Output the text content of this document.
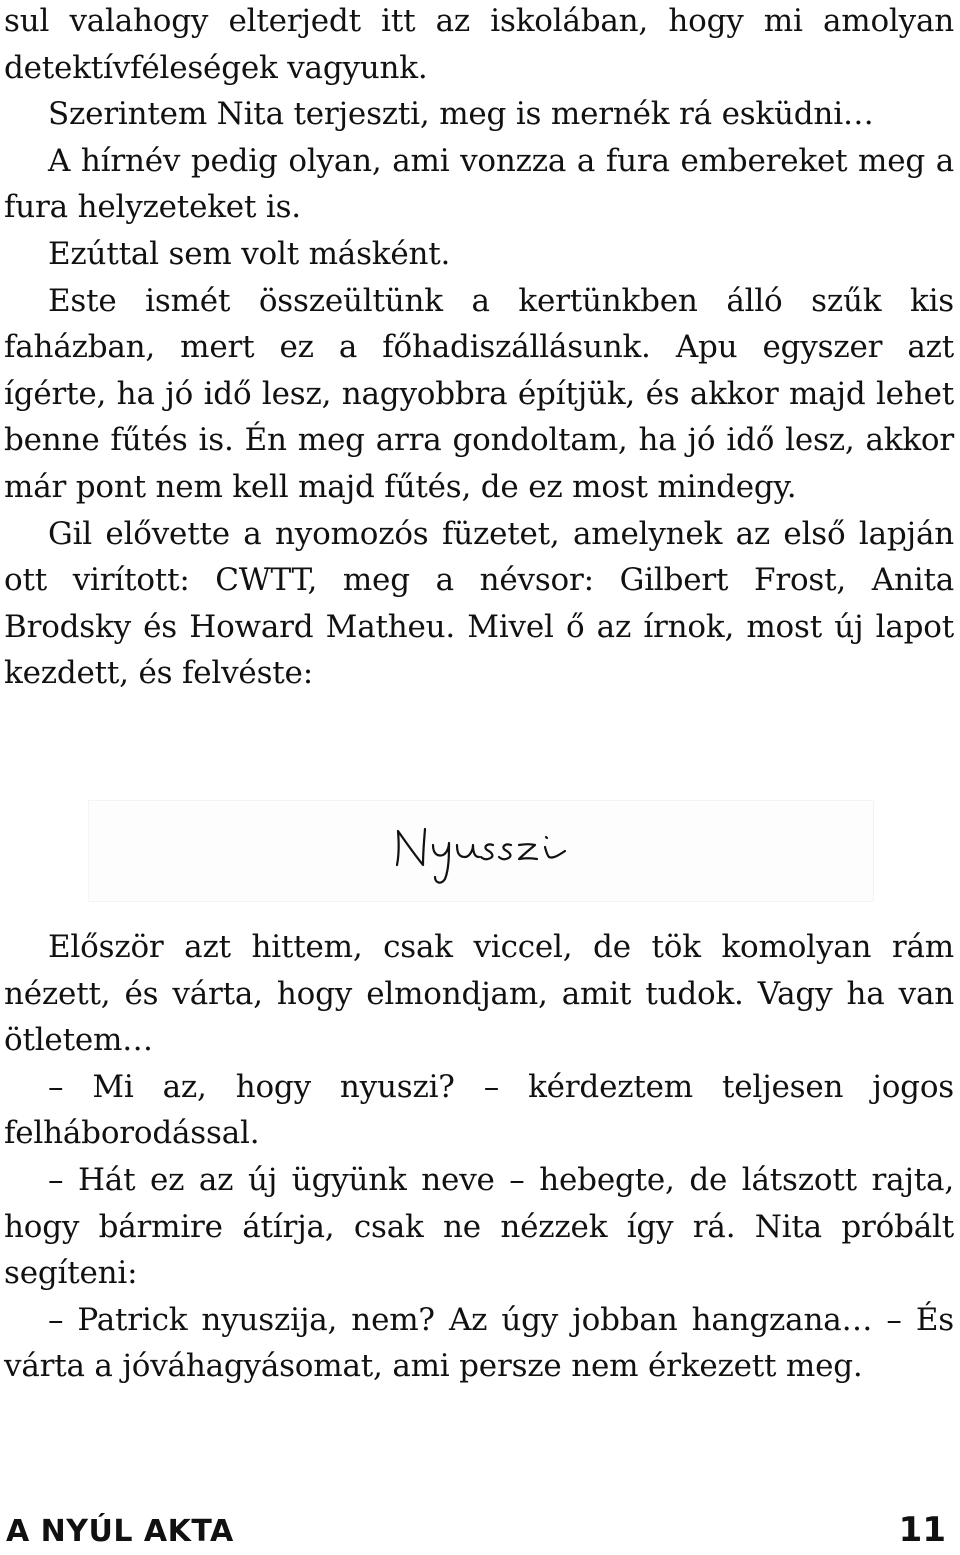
sul valahogy elterjedt itt az iskolában, hogy mi amolyan detektívféleségek vagyunk.

Szerintem Nita terjeszti, meg is mernék rá esküdni…

A hírnév pedig olyan, ami vonzza a fura embereket meg a fura helyzeteket is.

Ezúttal sem volt másként.

Este ismét összeültünk a kertünkben álló szűk kis faházban, mert ez a főhadiszállásunk. Apu egyszer azt ígérte, ha jó idő lesz, nagyobbra építjük, és akkor majd lehet benne fűtés is. Én meg arra gondoltam, ha jó idő lesz, akkor már pont nem kell majd fűtés, de ez most mindegy.

Gil elővette a nyomozós füzetet, amelynek az első lapján ott virított: CWTT, meg a névsor: Gilbert Frost, Anita Brodsky és Howard Matheu. Mivel ő az írnok, most új lapot kezdett, és felvéste:

Először azt hittem, csak viccel, de tök komolyan rám nézett, és várta, hogy elmondjam, amit tudok. Vagy ha van ötletem…

– Mi az, hogy nyuszi? – kérdeztem teljesen jogos felháborodással.

– Hát ez az új ügyünk neve – hebegte, de látszott rajta, hogy bármire átírja, csak ne nézzek így rá. Nita próbált segíteni:

– Patrick nyuszija, nem? Az úgy jobban hangzana… – És várta a jóváhagyásomat, ami persze nem érkezett meg.

A NYÚL AKTA	11
